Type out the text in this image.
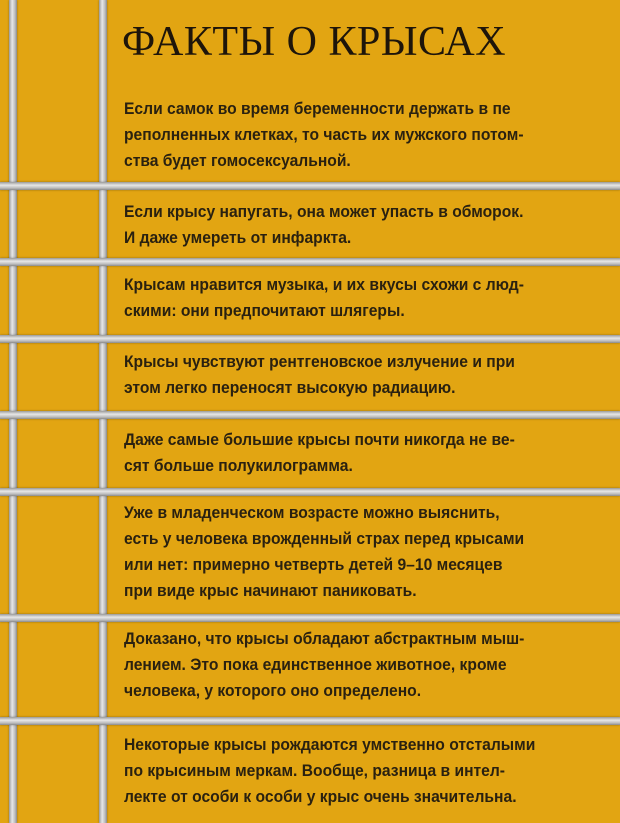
ФАКТЫ О КРЫСАХ

Если самок во время беременности держать в пе
реполненных клетках, то часть их мужского потом-
ства будет гомосексуальной.

Если крысу напугать, она может упасть в обморок.
И даже умереть от инфаркта.

Крысам нравится музыка, и их вкусы схожи с люд-
скими: они предпочитают шлягеры.

Крысы чувствуют рентгеновское излучение и при
этом легко переносят высокую радиацию.

Даже самые большие крысы почти никогда не ве-
сят больше полукилограмма.

Уже в младенческом возрасте можно выяснить,
есть у человека врожденный страх перед крысами
или нет: примерно четверть детей 9–10 месяцев
при виде крыс начинают паниковать.

Доказано, что крысы обладают абстрактным мыш-
лением. Это пока единственное животное, кроме
человека, у которого оно определено.

Некоторые крысы рождаются умственно отсталыми
по крысиным меркам. Вообще, разница в интел-
лекте от особи к особи у крыс очень значительна.
